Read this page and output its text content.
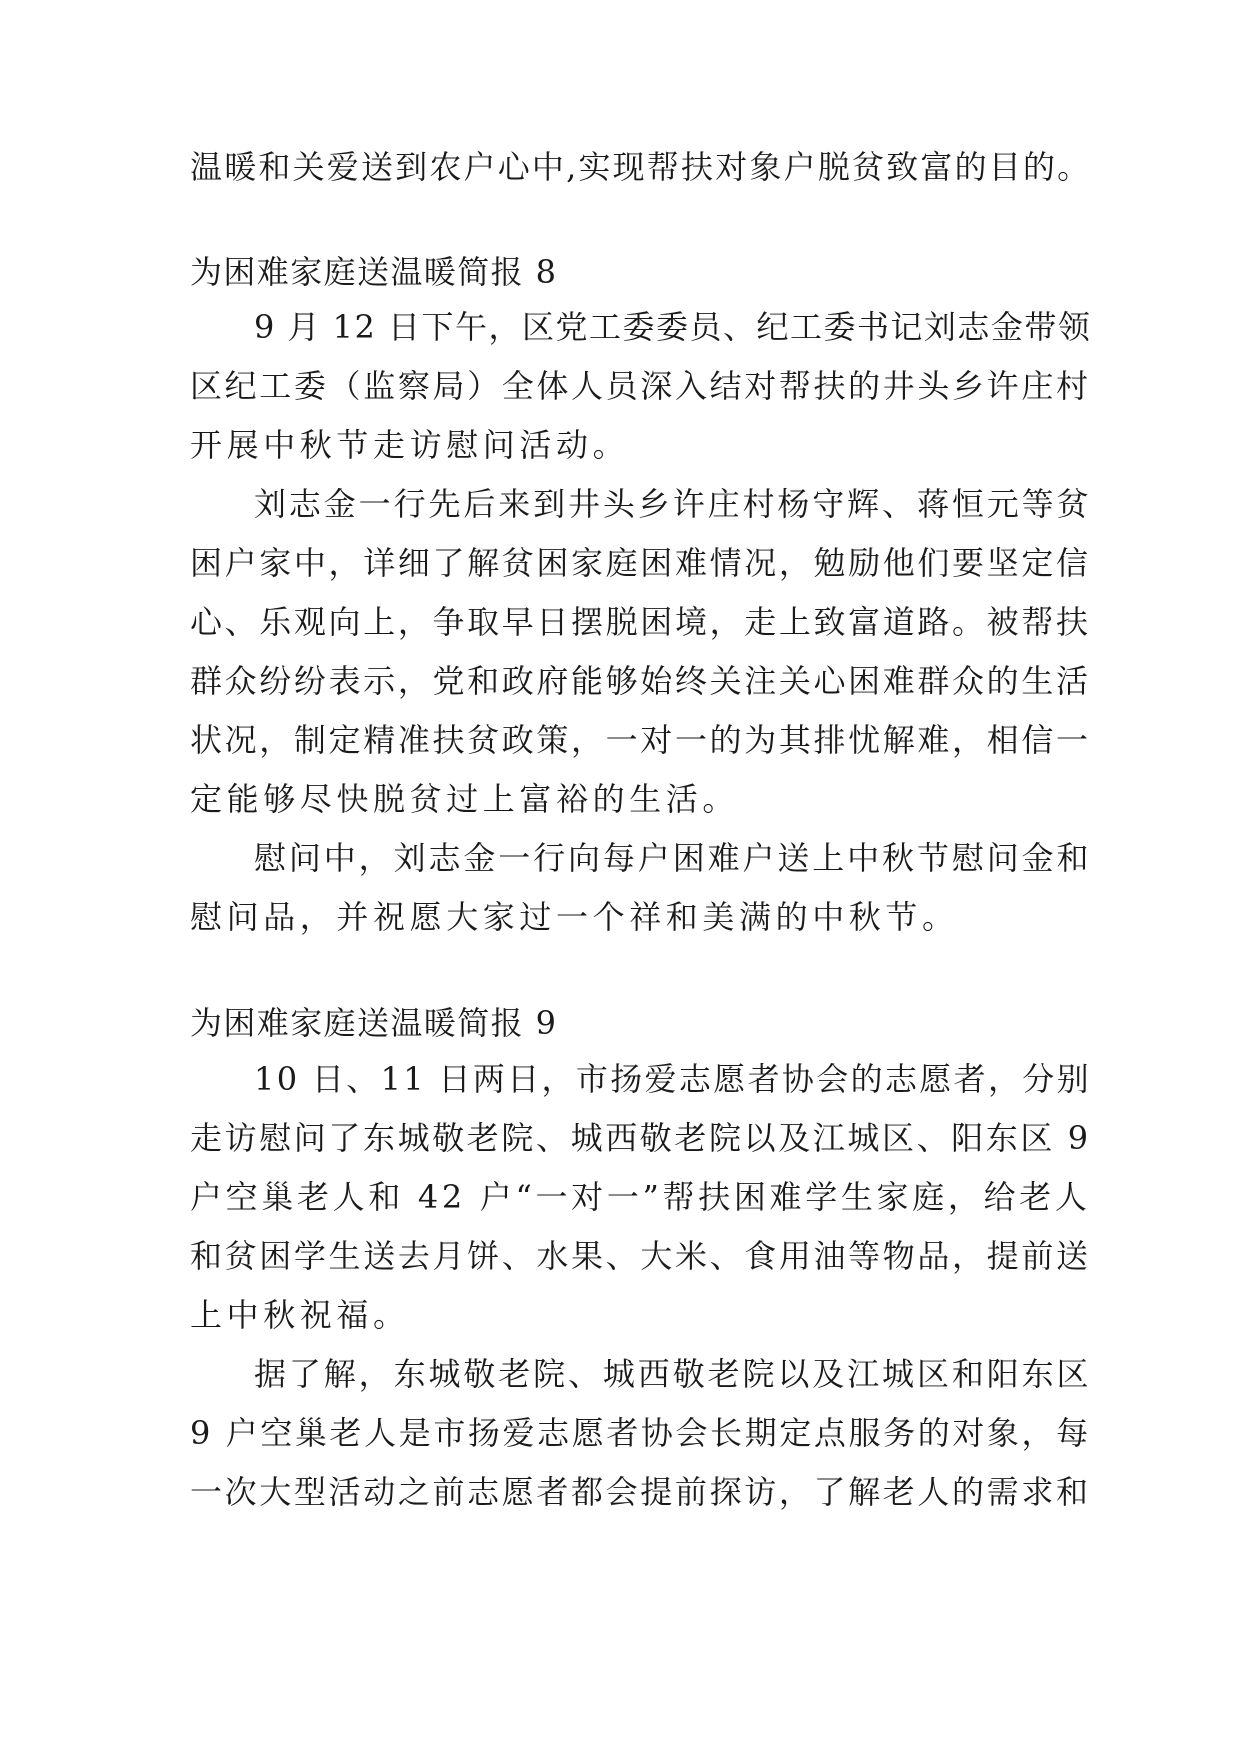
温暖和关爱送到农户心中,实现帮扶对象户脱贫致富的目的。
为困难家庭送温暖简报 8
9 月 12 日下午，区党工委委员、纪工委书记刘志金带领
区纪工委（监察局）全体人员深入结对帮扶的井头乡许庄村
开展中秋节走访慰问活动。
刘志金一行先后来到井头乡许庄村杨守辉、蒋恒元等贫
困户家中，详细了解贫困家庭困难情况，勉励他们要坚定信
心、乐观向上，争取早日摆脱困境，走上致富道路。被帮扶
群众纷纷表示，党和政府能够始终关注关心困难群众的生活
状况，制定精准扶贫政策，一对一的为其排忧解难，相信一
定能够尽快脱贫过上富裕的生活。
慰问中，刘志金一行向每户困难户送上中秋节慰问金和
慰问品，并祝愿大家过一个祥和美满的中秋节。
为困难家庭送温暖简报 9
10 日、11 日两日，市扬爱志愿者协会的志愿者，分别
走访慰问了东城敬老院、城西敬老院以及江城区、阳东区 9
户空巢老人和 42 户“一对一”帮扶困难学生家庭，给老人
和贫困学生送去月饼、水果、大米、食用油等物品，提前送
上中秋祝福。
据了解，东城敬老院、城西敬老院以及江城区和阳东区
9 户空巢老人是市扬爱志愿者协会长期定点服务的对象，每
一次大型活动之前志愿者都会提前探访，了解老人的需求和
